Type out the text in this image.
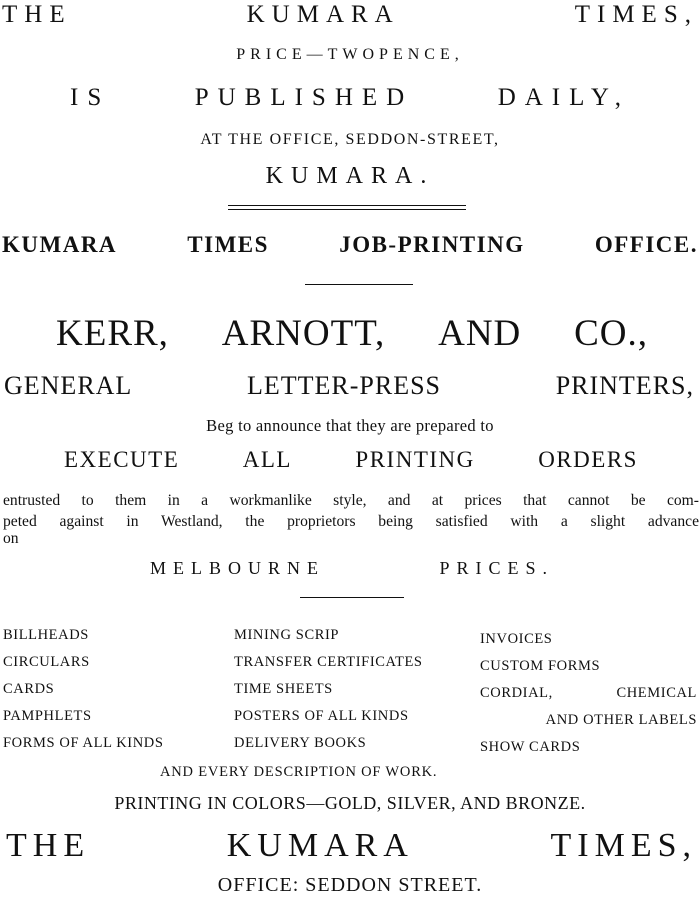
THE	KUMARA	TIMES,
PRICE—TWOPENCE,
IS	PUBLISHED	DAILY,
AT THE OFFICE, SEDDON-STREET,
KUMARA.
KUMARA	TIMES	JOB-PRINTING	OFFICE.
KERR, ARNOTT, AND CO.,
GENERAL	LETTER-PRESS	PRINTERS,
Beg to announce that they are prepared to
EXECUTE	ALL	PRINTING	ORDERS
entrusted to them in a workmanlike style, and at prices that cannot be com-
peted against in Westland, the proprietors being satisfied with a slight advance
on
MELBOURNE	PRICES.
BILLHEADS
CIRCULARS
CARDS
PAMPHLETS
FORMS OF ALL KINDS
MINING SCRIP
TRANSFER CERTIFICATES
TIME SHEETS
POSTERS OF ALL KINDS
DELIVERY BOOKS
INVOICES
CUSTOM FORMS
CORDIAL,	CHEMICAL
AND OTHER LABELS
SHOW CARDS
AND EVERY DESCRIPTION OF WORK.
PRINTING IN COLORS—GOLD, SILVER, AND BRONZE.
THE	KUMARA	TIMES,
OFFICE: SEDDON STREET.
